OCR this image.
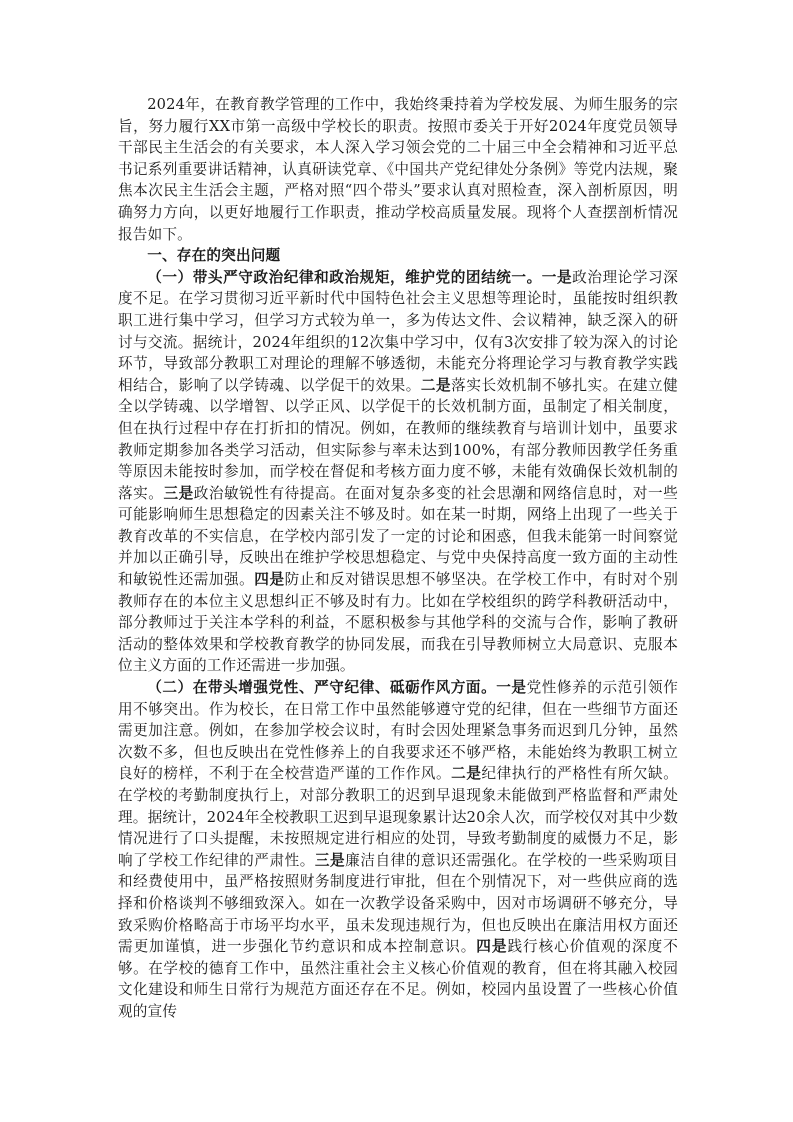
2024年，在教育教学管理的工作中，我始终秉持着为学校发展、为师生服务的宗旨，努力履行XX市第一高级中学校长的职责。按照市委关于开好2024年度党员领导干部民主生活会的有关要求，本人深入学习领会党的二十届三中全会精神和习近平总书记系列重要讲话精神，认真研读党章、《中国共产党纪律处分条例》等党内法规，聚焦本次民主生活会主题，严格对照“四个带头”要求认真对照检查，深入剖析原因，明确努力方向，以更好地履行工作职责，推动学校高质量发展。现将个人查摆剖析情况报告如下。

一、存在的突出问题

（一）带头严守政治纪律和政治规矩，维护党的团结统一。一是政治理论学习深度不足。在学习贯彻习近平新时代中国特色社会主义思想等理论时，虽能按时组织教职工进行集中学习，但学习方式较为单一，多为传达文件、会议精神，缺乏深入的研讨与交流。据统计，2024年组织的12次集中学习中，仅有3次安排了较为深入的讨论环节，导致部分教职工对理论的理解不够透彻，未能充分将理论学习与教育教学实践相结合，影响了以学铸魂、以学促干的效果。二是落实长效机制不够扎实。在建立健全以学铸魂、以学增智、以学正风、以学促干的长效机制方面，虽制定了相关制度，但在执行过程中存在打折扣的情况。例如，在教师的继续教育与培训计划中，虽要求教师定期参加各类学习活动，但实际参与率未达到100%，有部分教师因教学任务重等原因未能按时参加，而学校在督促和考核方面力度不够，未能有效确保长效机制的落实。三是政治敏锐性有待提高。在面对复杂多变的社会思潮和网络信息时，对一些可能影响师生思想稳定的因素关注不够及时。如在某一时期，网络上出现了一些关于教育改革的不实信息，在学校内部引发了一定的讨论和困惑，但我未能第一时间察觉并加以正确引导，反映出在维护学校思想稳定、与党中央保持高度一致方面的主动性和敏锐性还需加强。四是防止和反对错误思想不够坚决。在学校工作中，有时对个别教师存在的本位主义思想纠正不够及时有力。比如在学校组织的跨学科教研活动中，部分教师过于关注本学科的利益，不愿积极参与其他学科的交流与合作，影响了教研活动的整体效果和学校教育教学的协同发展，而我在引导教师树立大局意识、克服本位主义方面的工作还需进一步加强。

（二）在带头增强党性、严守纪律、砥砺作风方面。一是党性修养的示范引领作用不够突出。作为校长，在日常工作中虽然能够遵守党的纪律，但在一些细节方面还需更加注意。例如，在参加学校会议时，有时会因处理紧急事务而迟到几分钟，虽然次数不多，但也反映出在党性修养上的自我要求还不够严格，未能始终为教职工树立良好的榜样，不利于在全校营造严谨的工作作风。二是纪律执行的严格性有所欠缺。在学校的考勤制度执行上，对部分教职工的迟到早退现象未能做到严格监督和严肃处理。据统计，2024年全校教职工迟到早退现象累计达20余人次，而学校仅对其中少数情况进行了口头提醒，未按照规定进行相应的处罚，导致考勤制度的威慑力不足，影响了学校工作纪律的严肃性。三是廉洁自律的意识还需强化。在学校的一些采购项目和经费使用中，虽严格按照财务制度进行审批，但在个别情况下，对一些供应商的选择和价格谈判不够细致深入。如在一次教学设备采购中，因对市场调研不够充分，导致采购价格略高于市场平均水平，虽未发现违规行为，但也反映出在廉洁用权方面还需更加谨慎，进一步强化节约意识和成本控制意识。四是践行核心价值观的深度不够。在学校的德育工作中，虽然注重社会主义核心价值观的教育，但在将其融入校园文化建设和师生日常行为规范方面还存在不足。例如，校园内虽设置了一些核心价值观的宣传
